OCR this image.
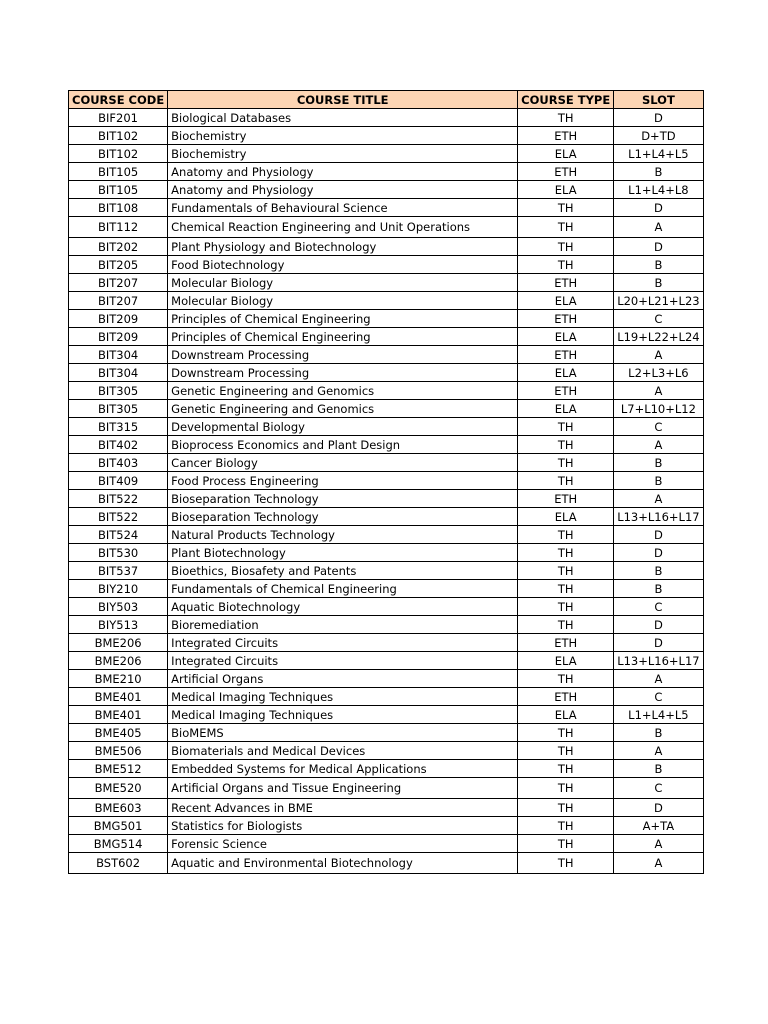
COURSE CODE	COURSE TITLE	COURSE TYPE	SLOT
BIF201	Biological Databases	TH	D
BIT102	Biochemistry	ETH	D+TD
BIT102	Biochemistry	ELA	L1+L4+L5
BIT105	Anatomy and Physiology	ETH	B
BIT105	Anatomy and Physiology	ELA	L1+L4+L8
BIT108	Fundamentals of Behavioural Science	TH	D
BIT112	Chemical Reaction Engineering and Unit Operations	TH	A
BIT202	Plant Physiology and Biotechnology	TH	D
BIT205	Food Biotechnology	TH	B
BIT207	Molecular Biology	ETH	B
BIT207	Molecular Biology	ELA	L20+L21+L23
BIT209	Principles of Chemical Engineering	ETH	C
BIT209	Principles of Chemical Engineering	ELA	L19+L22+L24
BIT304	Downstream Processing	ETH	A
BIT304	Downstream Processing	ELA	L2+L3+L6
BIT305	Genetic Engineering and Genomics	ETH	A
BIT305	Genetic Engineering and Genomics	ELA	L7+L10+L12
BIT315	Developmental Biology	TH	C
BIT402	Bioprocess Economics and Plant Design	TH	A
BIT403	Cancer Biology	TH	B
BIT409	Food Process Engineering	TH	B
BIT522	Bioseparation Technology	ETH	A
BIT522	Bioseparation Technology	ELA	L13+L16+L17
BIT524	Natural Products Technology	TH	D
BIT530	Plant Biotechnology	TH	D
BIT537	Bioethics, Biosafety and Patents	TH	B
BIY210	Fundamentals of Chemical Engineering	TH	B
BIY503	Aquatic Biotechnology	TH	C
BIY513	Bioremediation	TH	D
BME206	Integrated Circuits	ETH	D
BME206	Integrated Circuits	ELA	L13+L16+L17
BME210	Artificial Organs	TH	A
BME401	Medical Imaging Techniques	ETH	C
BME401	Medical Imaging Techniques	ELA	L1+L4+L5
BME405	BioMEMS	TH	B
BME506	Biomaterials and Medical Devices	TH	A
BME512	Embedded Systems for Medical Applications	TH	B
BME520	Artificial Organs and Tissue Engineering	TH	C
BME603	Recent Advances in BME	TH	D
BMG501	Statistics for Biologists	TH	A+TA
BMG514	Forensic Science	TH	A
BST602	Aquatic and Environmental Biotechnology	TH	A
